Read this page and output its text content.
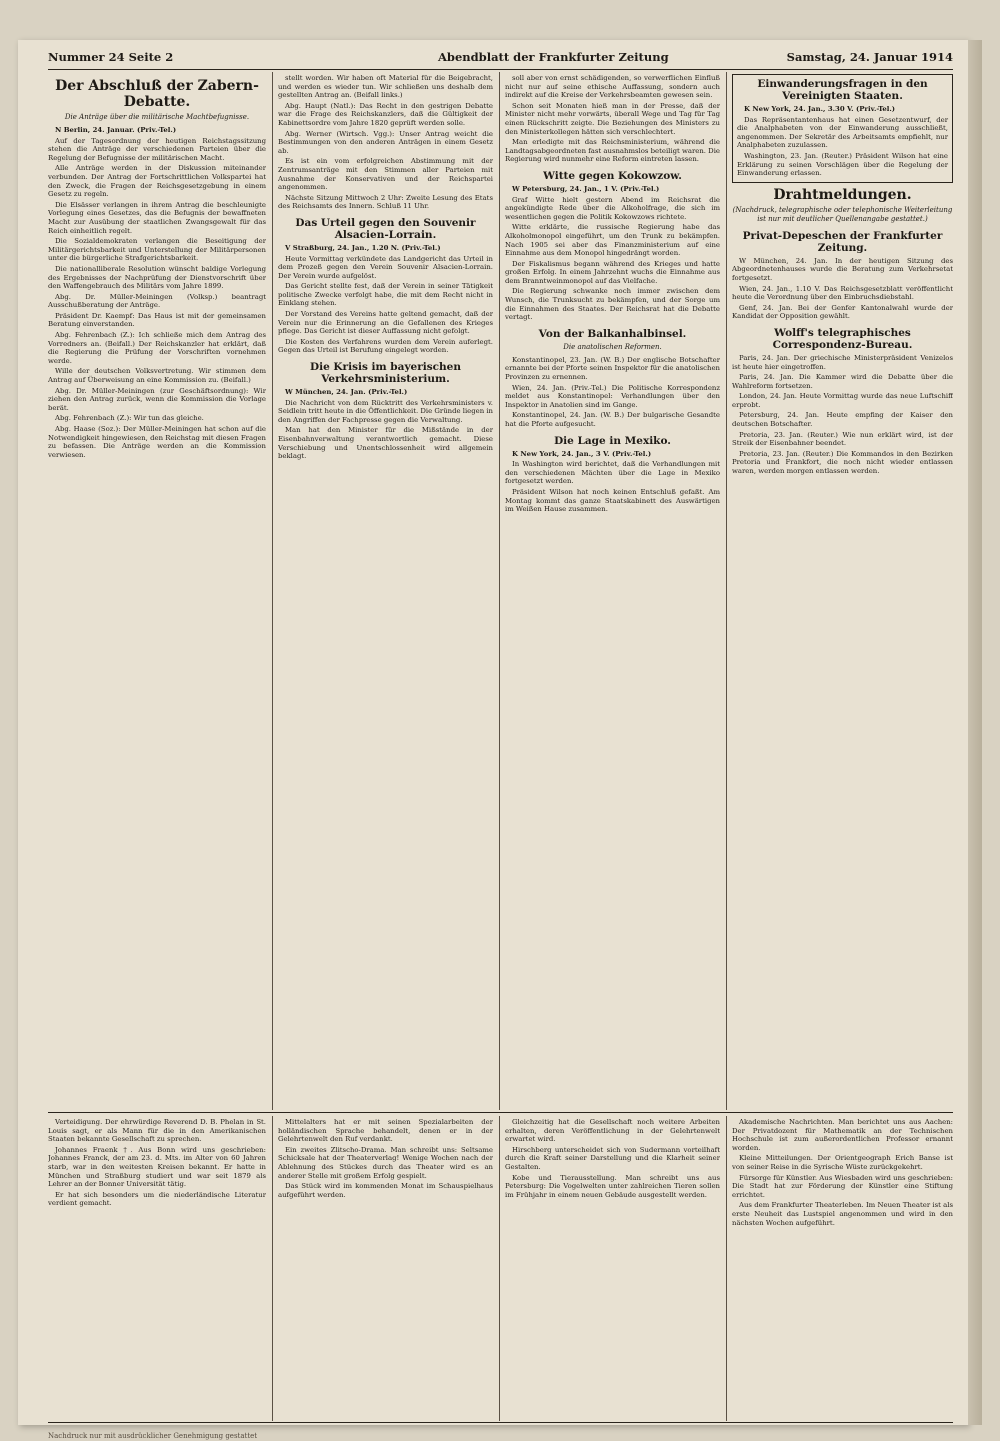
Nummer 24 Seite 2	Abendblatt der Frankfurter Zeitung	Samstag, 24. Januar 1914
Der Abschluß der Zabern-Debatte.
Die Anträge über die militärische Machtbefugnisse.

N Berlin, 24. Januar. (Priv.-Tel.)

Auf der Tagesordnung der heutigen Reichstagssitzung stehen die Anträge der verschiedenen Parteien über die Regelung der Befugnisse der militärischen Macht.

Alle Anträge werden in der Diskussion miteinander verbunden. Der Antrag der Fortschrittlichen Volkspartei hat den Zweck, die Fragen der Reichsgesetzgebung in einem Gesetz zu regeln.

Die Elsässer verlangen in ihrem Antrag die beschleunigte Vorlegung eines Gesetzes, das die Befugnis der bewaffneten Macht zur Ausübung der staatlichen Zwangsgewalt für das Reich einheitlich regelt.

Die Sozialdemokraten verlangen die Beseitigung der Militärgerichtsbarkeit und Unterstellung der Militärpersonen unter die bürgerliche Strafgerichtsbarkeit.

Die nationalliberale Resolution wünscht baldige Vorlegung des Ergebnisses der Nachprüfung der Dienstvorschrift über den Waffengebrauch des Militärs vom Jahre 1899.

Abg. Dr. Müller-Meiningen (Volksp.) beantragt Ausschußberatung der Anträge.

Präsident Dr. Kaempf: Das Haus ist mit der gemeinsamen Beratung einverstanden.

Abg. Fehrenbach (Z.): Ich schließe mich dem Antrag des Vorredners an. (Beifall.) Der Reichskanzler hat erklärt, daß die Regierung die Prüfung der Vorschriften vornehmen werde.

Wille der deutschen Volksvertretung. Wir stimmen dem Antrag auf Überweisung an eine Kommission zu. (Beifall.)

Abg. Dr. Müller-Meiningen (zur Geschäftsordnung): Wir ziehen den Antrag zurück, wenn die Kommission die Vorlage berät.

Abg. Fehrenbach (Z.): Wir tun das gleiche.

Abg. Haase (Soz.): Der Müller-Meiningen hat schon auf die Notwendigkeit hingewiesen, den Reichstag mit diesen Fragen zu befassen. Die Anträge werden an die Kommission verwiesen.

stellt worden. Wir haben oft Material für die Beigebracht, und werden es wieder tun. Wir schließen uns deshalb dem gestellten Antrag an. (Beifall links.)

Abg. Haupt (Natl.): Das Recht in den gestrigen Debatte war die Frage des Reichskanzlers, daß die Gültigkeit der Kabinettsordre vom Jahre 1820 geprüft werden solle.

Abg. Werner (Wirtsch. Vgg.): Unser Antrag weicht die Bestimmungen von den anderen Anträgen in einem Gesetz ab.

Es ist ein vom erfolgreichen Abstimmung mit der Zentrumsanträge mit den Stimmen aller Parteien mit Ausnahme der Konservativen und der Reichspartei angenommen.

Nächste Sitzung Mittwoch 2 Uhr: Zweite Lesung des Etats des Reichsamts des Innern. Schluß 11 Uhr.

Das Urteil gegen den Souvenir Alsacien-Lorrain.

V Straßburg, 24. Jan., 1.20 N. (Priv.-Tel.)

Heute Vormittag verkündete das Landgericht das Urteil in dem Prozeß gegen den Verein Souvenir Alsacien-Lorrain. Der Verein wurde aufgelöst.

Das Gericht stellte fest, daß der Verein in seiner Tätigkeit politische Zwecke verfolgt habe, die mit dem Recht nicht in Einklang stehen.

Der Vorstand des Vereins hatte geltend gemacht, daß der Verein nur die Erinnerung an die Gefallenen des Krieges pflege. Das Gericht ist dieser Auffassung nicht gefolgt.

Die Kosten des Verfahrens wurden dem Verein auferlegt. Gegen das Urteil ist Berufung eingelegt worden.

Die Krisis im bayerischen Verkehrsministerium.

W München, 24. Jan. (Priv.-Tel.)

Die Nachricht von dem Rücktritt des Verkehrsministers v. Seidlein tritt heute in die Öffentlichkeit. Die Gründe liegen in den Angriffen der Fachpresse gegen die Verwaltung.

Man hat den Minister für die Mißstände in der Eisenbahnverwaltung verantwortlich gemacht. Diese Verschiebung und Unentschlossenheit wird allgemein beklagt.

soll aber von ernst schädigenden, so verwerflichen Einfluß nicht nur auf seine ethische Auffassung, sondern auch indirekt auf die Kreise der Verkehrsbeamten gewesen sein.

Schon seit Monaten hieß man in der Presse, daß der Minister nicht mehr vorwärts, überall Wege und Tag für Tag einen Rückschritt zeigte. Die Beziehungen des Ministers zu den Ministerkollegen hätten sich verschlechtert.

Man erledigte mit das Reichsministerium, während die Landtagsabgeordneten fast ausnahmslos beteiligt waren. Die Regierung wird nunmehr eine Reform eintreten lassen.

Witte gegen Kokowzow.

W Petersburg, 24. Jan., 1 V. (Priv.-Tel.)

Graf Witte hielt gestern Abend im Reichsrat die angekündigte Rede über die Alkoholfrage, die sich im wesentlichen gegen die Politik Kokowzows richtete.

Witte erklärte, die russische Regierung habe das Alkoholmonopol eingeführt, um den Trunk zu bekämpfen. Nach 1905 sei aber das Finanzministerium auf eine Einnahme aus dem Monopol hingedrängt worden.

Der Fiskalismus begann während des Krieges und hatte großen Erfolg. In einem Jahrzehnt wuchs die Einnahme aus dem Branntweinmonopol auf das Vielfache.

Die Regierung schwanke noch immer zwischen dem Wunsch, die Trunksucht zu bekämpfen, und der Sorge um die Einnahmen des Staates. Der Reichsrat hat die Debatte vertagt.

Von der Balkanhalbinsel.
Die anatolischen Reformen.

Konstantinopel, 23. Jan. (W. B.) Der englische Botschafter ernannte bei der Pforte seinen Inspektor für die anatolischen Provinzen zu ernennen.

Wien, 24. Jan. (Priv.-Tel.) Die Politische Korrespondenz meldet aus Konstantinopel: Verhandlungen über den Inspektor in Anatolien sind im Gange.

Konstantinopel, 24. Jan. (W. B.) Der bulgarische Gesandte hat die Pforte aufgesucht.

Die Lage in Mexiko.

K New York, 24. Jan., 3 V. (Priv.-Tel.)

In Washington wird berichtet, daß die Verhandlungen mit den verschiedenen Mächten über die Lage in Mexiko fortgesetzt werden.

Präsident Wilson hat noch keinen Entschluß gefaßt. Am Montag kommt das ganze Staatskabinett des Auswärtigen im Weißen Hause zusammen.

Einwanderungsfragen in den Vereinigten Staaten.

K New York, 24. Jan., 3.30 V. (Priv.-Tel.)

Das Repräsentantenhaus hat einen Gesetzentwurf, der die Analphabeten von der Einwanderung ausschließt, angenommen. Der Sekretär des Arbeitsamts empfiehlt, nur Analphabeten zuzulassen.

Washington, 23. Jan. (Reuter.) Präsident Wilson hat eine Erklärung zu seinen Vorschlägen über die Regelung der Einwanderung erlassen.

Drahtmeldungen.
(Nachdruck, telegraphische oder telephonische Weiterleitung ist nur mit deutlicher Quellenangabe gestattet.)
Privat-Depeschen der Frankfurter Zeitung.

W München, 24. Jan. In der heutigen Sitzung des Abgeordnetenhauses wurde die Beratung zum Verkehrsetat fortgesetzt.

Wien, 24. Jan., 1.10 V. Das Reichsgesetzblatt veröffentlicht heute die Verordnung über den Einbruchsdiebstahl.

Genf, 24. Jan. Bei der Genfer Kantonalwahl wurde der Kandidat der Opposition gewählt.

Wolff's telegraphisches Correspondenz-Bureau.

Paris, 24. Jan. Der griechische Ministerpräsident Venizelos ist heute hier eingetroffen.

Paris, 24. Jan. Die Kammer wird die Debatte über die Wahlreform fortsetzen.

London, 24. Jan. Heute Vormittag wurde das neue Luftschiff erprobt.

Petersburg, 24. Jan. Heute empfing der Kaiser den deutschen Botschafter.

Pretoria, 23. Jan. (Reuter.) Wie nun erklärt wird, ist der Streik der Eisenbahner beendet.

Pretoria, 23. Jan. (Reuter.) Die Kommandos in den Bezirken Pretoria und Frankfort, die noch nicht wieder entlassen waren, werden morgen entlassen werden.

Verteidigung. Der ehrwürdige Reverend D. B. Phelan in St. Louis sagt, er als Mann für die in den Amerikanischen Staaten bekannte Gesellschaft zu sprechen.

Johannes Fraenk †. Aus Bonn wird uns geschrieben: Johannes Franck, der am 23. d. Mts. im Alter von 60 Jahren starb, war in den weitesten Kreisen bekannt. Er hatte in München und Straßburg studiert und war seit 1879 als Lehrer an der Bonner Universität tätig.

Er hat sich besonders um die niederländische Literatur verdient gemacht.

Mittelalters hat er mit seinen Spezialarbeiten der holländischen Sprache behandelt, denen er in der Gelehrtenwelt den Ruf verdankt.

Ein zweites Zlitscho-Drama. Man schreibt uns: Seltsame Schicksale hat der Theaterverlag! Wenige Wochen nach der Ablehnung des Stückes durch das Theater wird es an anderer Stelle mit großem Erfolg gespielt.

Das Stück wird im kommenden Monat im Schauspielhaus aufgeführt werden.

Gleichzeitig hat die Gesellschaft noch weitere Arbeiten erhalten, deren Veröffentlichung in der Gelehrtenwelt erwartet wird.

Hirschberg unterscheidet sich von Sudermann vorteilhaft durch die Kraft seiner Darstellung und die Klarheit seiner Gestalten.

Kobe und Tierausstellung. Man schreibt uns aus Petersburg: Die Vogelwelten unter zahlreichen Tieren sollen im Frühjahr in einem neuen Gebäude ausgestellt werden.

Akademische Nachrichten. Man berichtet uns aus Aachen: Der Privatdozent für Mathematik an der Technischen Hochschule ist zum außerordentlichen Professor ernannt worden.

Kleine Mitteilungen. Der Orientgeograph Erich Banse ist von seiner Reise in die Syrische Wüste zurückgekehrt.

Fürsorge für Künstler. Aus Wiesbaden wird uns geschrieben: Die Stadt hat zur Förderung der Künstler eine Stiftung errichtet.

Aus dem Frankfurter Theaterleben. Im Neuen Theater ist als erste Neuheit das Lustspiel angenommen und wird in den nächsten Wochen aufgeführt.

Nachdruck nur mit ausdrücklicher Genehmigung gestattet
